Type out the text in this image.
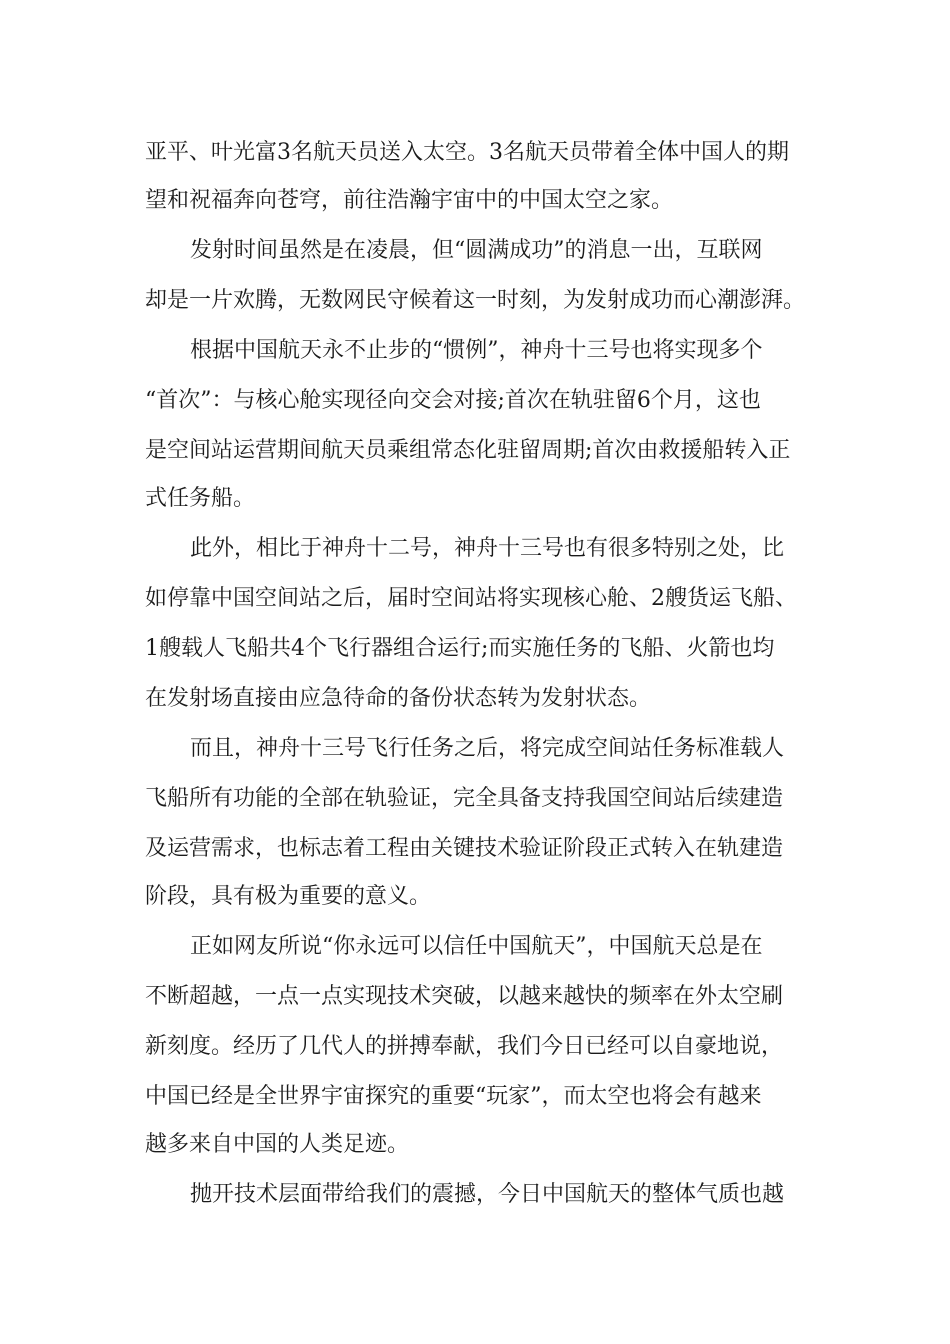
亚平、叶光富3名航天员送入太空。3名航天员带着全体中国人的期
望和祝福奔向苍穹，前往浩瀚宇宙中的中国太空之家。
发射时间虽然是在凌晨，但“圆满成功”的消息一出，互联网
却是一片欢腾，无数网民守候着这一时刻，为发射成功而心潮澎湃。
根据中国航天永不止步的“惯例”，神舟十三号也将实现多个
“首次”：与核心舱实现径向交会对接;首次在轨驻留6个月，这也
是空间站运营期间航天员乘组常态化驻留周期;首次由救援船转入正
式任务船。
此外，相比于神舟十二号，神舟十三号也有很多特别之处，比
如停靠中国空间站之后，届时空间站将实现核心舱、2艘货运飞船、
1艘载人飞船共4个飞行器组合运行;而实施任务的飞船、火箭也均
在发射场直接由应急待命的备份状态转为发射状态。
而且，神舟十三号飞行任务之后，将完成空间站任务标准载人
飞船所有功能的全部在轨验证，完全具备支持我国空间站后续建造
及运营需求，也标志着工程由关键技术验证阶段正式转入在轨建造
阶段，具有极为重要的意义。
正如网友所说“你永远可以信任中国航天”，中国航天总是在
不断超越，一点一点实现技术突破，以越来越快的频率在外太空刷
新刻度。经历了几代人的拼搏奉献，我们今日已经可以自豪地说，
中国已经是全世界宇宙探究的重要“玩家”，而太空也将会有越来
越多来自中国的人类足迹。
抛开技术层面带给我们的震撼，今日中国航天的整体气质也越
